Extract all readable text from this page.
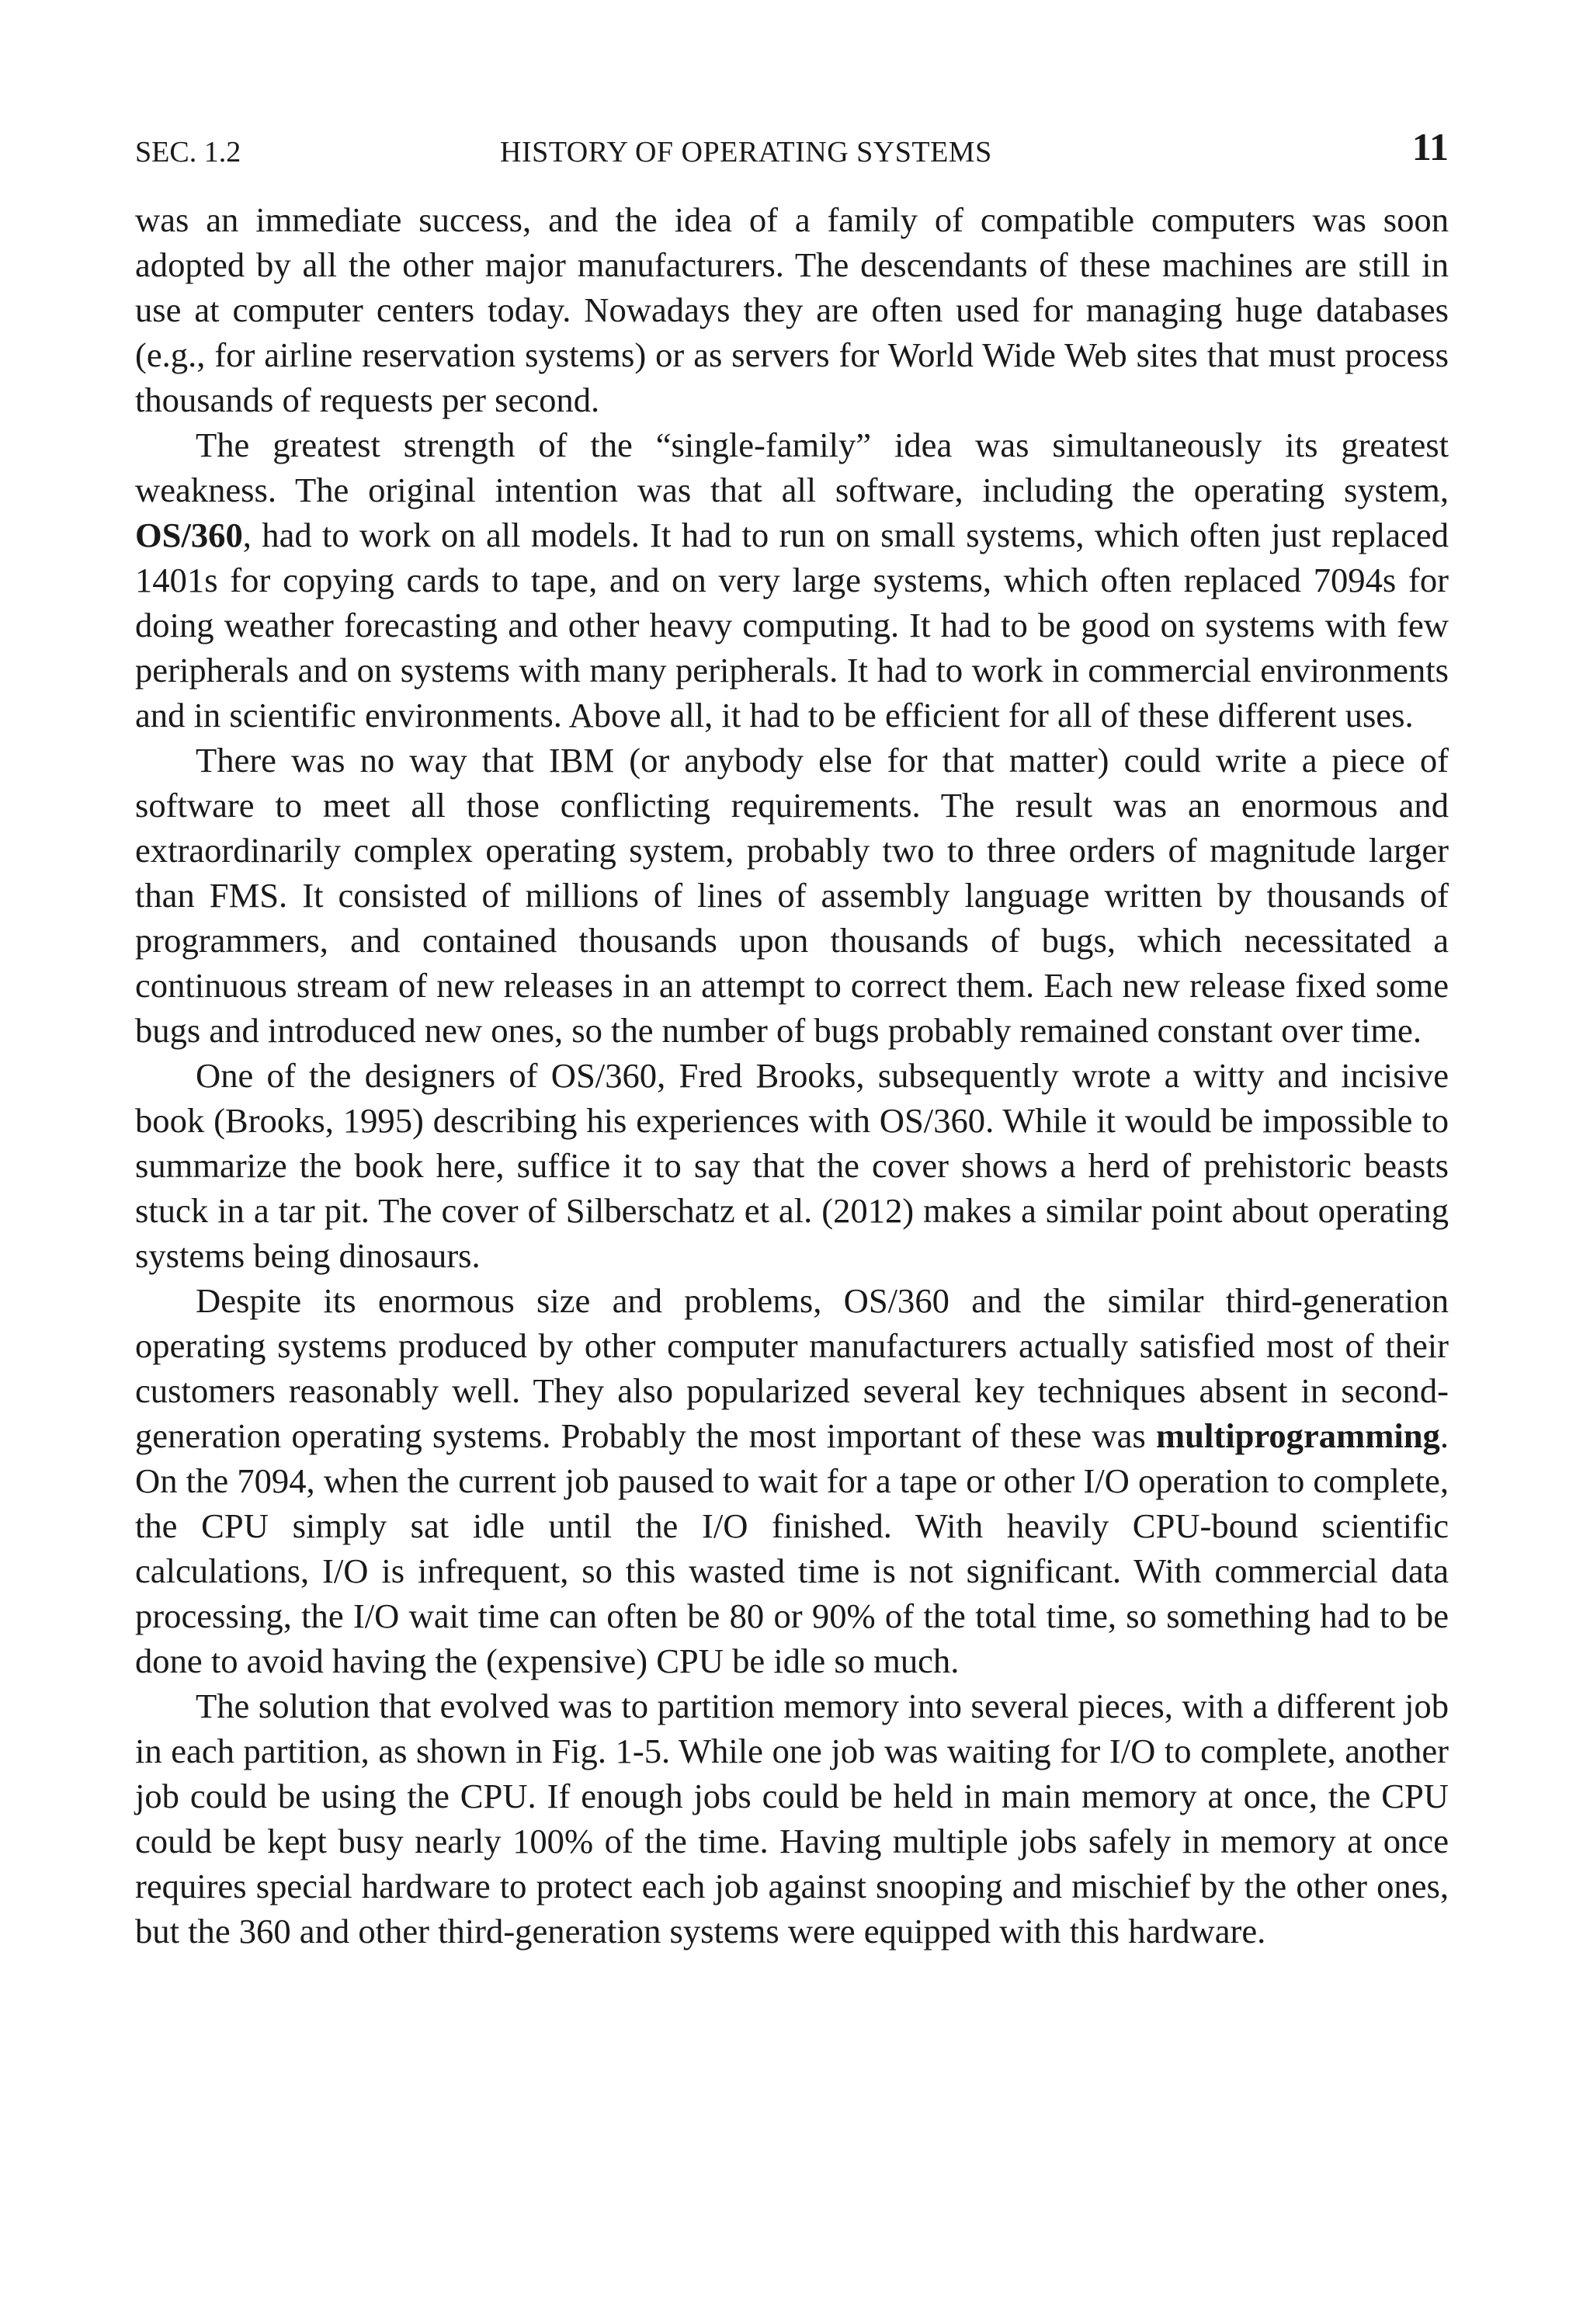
SEC. 1.2	HISTORY OF OPERATING SYSTEMS	11

was an immediate success, and the idea of a family of compatible computers was soon adopted by all the other major manufacturers. The descendants of these machines are still in use at computer centers today. Nowadays they are often used for managing huge databases (e.g., for airline reservation systems) or as servers for World Wide Web sites that must process thousands of requests per second.

The greatest strength of the “single-family” idea was simultaneously its greatest weakness. The original intention was that all software, including the operating system, OS/360, had to work on all models. It had to run on small systems, which often just replaced 1401s for copying cards to tape, and on very large systems, which often replaced 7094s for doing weather forecasting and other heavy computing. It had to be good on systems with few peripherals and on systems with many peripherals. It had to work in commercial environments and in scientific environments. Above all, it had to be efficient for all of these different uses.

There was no way that IBM (or anybody else for that matter) could write a piece of software to meet all those conflicting requirements. The result was an enormous and extraordinarily complex operating system, probably two to three orders of magnitude larger than FMS. It consisted of millions of lines of assembly language written by thousands of programmers, and contained thousands upon thousands of bugs, which necessitated a continuous stream of new releases in an attempt to correct them. Each new release fixed some bugs and introduced new ones, so the number of bugs probably remained constant over time.

One of the designers of OS/360, Fred Brooks, subsequently wrote a witty and incisive book (Brooks, 1995) describing his experiences with OS/360. While it would be impossible to summarize the book here, suffice it to say that the cover shows a herd of prehistoric beasts stuck in a tar pit. The cover of Silberschatz et al. (2012) makes a similar point about operating systems being dinosaurs.

Despite its enormous size and problems, OS/360 and the similar third-generation operating systems produced by other computer manufacturers actually satisfied most of their customers reasonably well. They also popularized several key techniques absent in second-generation operating systems. Probably the most important of these was multiprogramming. On the 7094, when the current job paused to wait for a tape or other I/O operation to complete, the CPU simply sat idle until the I/O finished. With heavily CPU-bound scientific calculations, I/O is infrequent, so this wasted time is not significant. With commercial data processing, the I/O wait time can often be 80 or 90% of the total time, so something had to be done to avoid having the (expensive) CPU be idle so much.

The solution that evolved was to partition memory into several pieces, with a different job in each partition, as shown in Fig. 1-5. While one job was waiting for I/O to complete, another job could be using the CPU. If enough jobs could be held in main memory at once, the CPU could be kept busy nearly 100% of the time. Having multiple jobs safely in memory at once requires special hardware to protect each job against snooping and mischief by the other ones, but the 360 and other third-generation systems were equipped with this hardware.
